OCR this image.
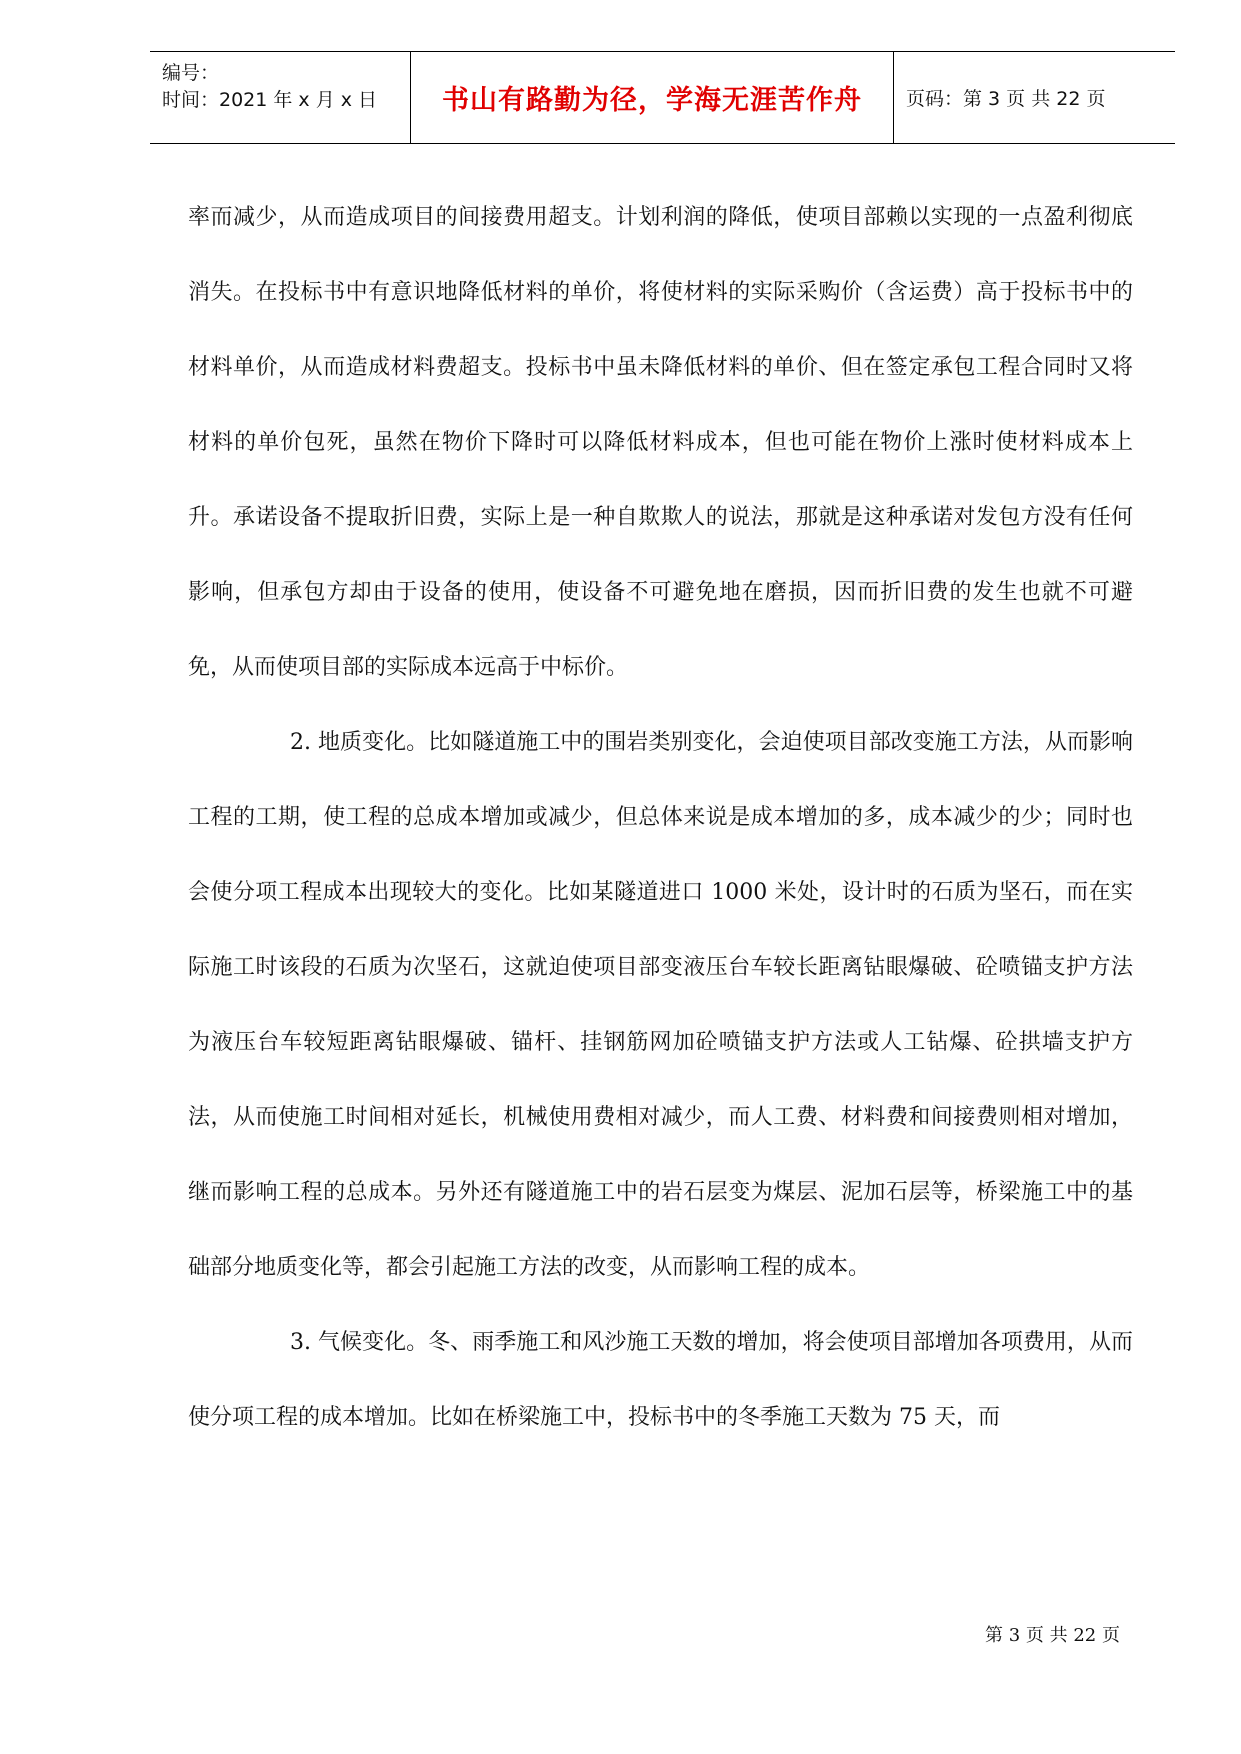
编号：
时间：2021 年 x 月 x 日 书山有路勤为径，学海无涯苦作舟 页码：第 3 页 共 22 页

率而减少，从而造成项目的间接费用超支。计划利润的降低，使项目部赖以实现的一点盈利彻底消失。在投标书中有意识地降低材料的单价，将使材料的实际采购价（含运费）高于投标书中的材料单价，从而造成材料费超支。投标书中虽未降低材料的单价、但在签定承包工程合同时又将材料的单价包死，虽然在物价下降时可以降低材料成本，但也可能在物价上涨时使材料成本上升。承诺设备不提取折旧费，实际上是一种自欺欺人的说法，那就是这种承诺对发包方没有任何影响，但承包方却由于设备的使用，使设备不可避免地在磨损，因而折旧费的发生也就不可避免，从而使项目部的实际成本远高于中标价。

2. 地质变化。比如隧道施工中的围岩类别变化，会迫使项目部改变施工方法，从而影响工程的工期，使工程的总成本增加或减少，但总体来说是成本增加的多，成本减少的少；同时也会使分项工程成本出现较大的变化。比如某隧道进口 1000 米处，设计时的石质为坚石，而在实际施工时该段的石质为次坚石，这就迫使项目部变液压台车较长距离钻眼爆破、砼喷锚支护方法为液压台车较短距离钻眼爆破、锚杆、挂钢筋网加砼喷锚支护方法或人工钻爆、砼拱墙支护方法，从而使施工时间相对延长，机械使用费相对减少，而人工费、材料费和间接费则相对增加，继而影响工程的总成本。另外还有隧道施工中的岩石层变为煤层、泥加石层等，桥梁施工中的基础部分地质变化等，都会引起施工方法的改变，从而影响工程的成本。

3. 气候变化。冬、雨季施工和风沙施工天数的增加，将会使项目部增加各项费用，从而使分项工程的成本增加。比如在桥梁施工中，投标书中的冬季施工天数为 75 天，而

第 3 页 共 22 页
